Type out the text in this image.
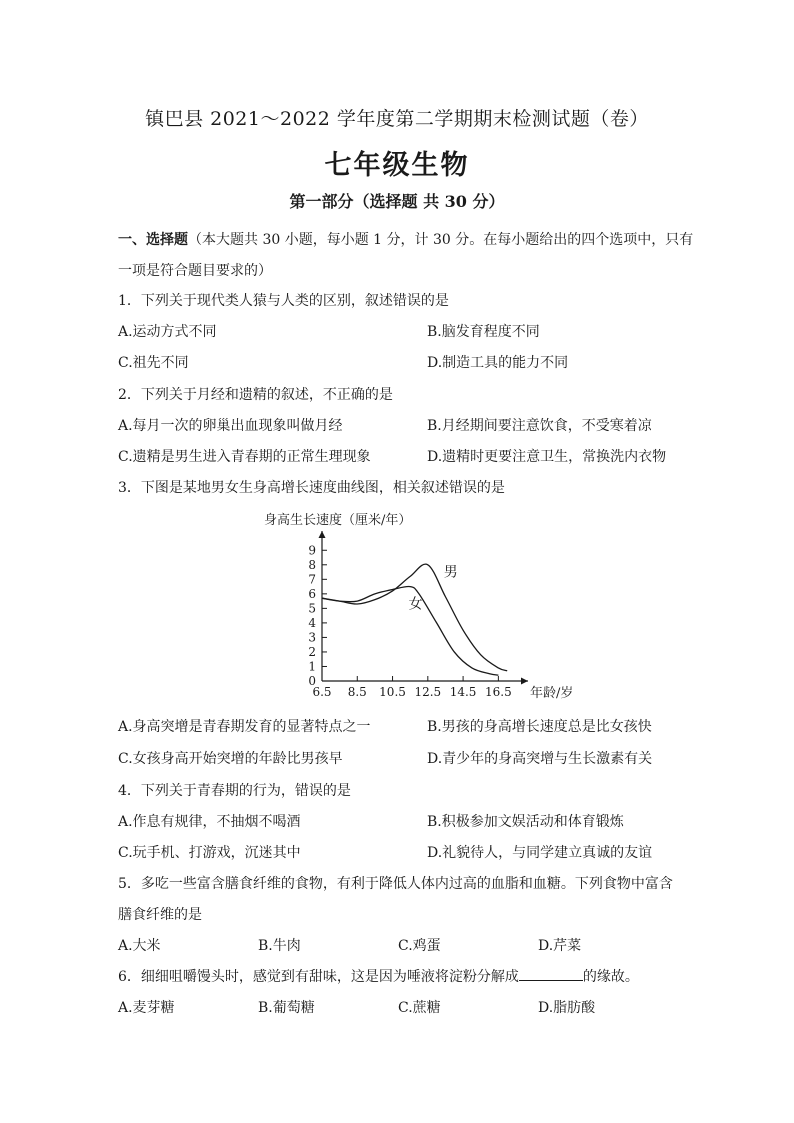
镇巴县 2021～2022 学年度第二学期期末检测试题（卷）
七年级生物
第一部分（选择题 共 30 分）
一、选择题（本大题共 30 小题，每小题 1 分，计 30 分。在每小题给出的四个选项中，只有
一项是符合题目要求的）
1．下列关于现代类人猿与人类的区别，叙述错误的是
A.运动方式不同	B.脑发育程度不同
C.祖先不同	D.制造工具的能力不同
2．下列关于月经和遗精的叙述，不正确的是
A.每月一次的卵巢出血现象叫做月经	B.月经期间要注意饮食，不受寒着凉
C.遗精是男生进入青春期的正常生理现象	D.遗精时更要注意卫生，常换洗内衣物
3．下图是某地男女生身高增长速度曲线图，相关叙述错误的是
身高生长速度（厘米/年）
0
1
2
3
4
5
6
7
8
9
6.5 8.5 10.5 12.5 14.5 16.5 年龄/岁
男
女
A.身高突增是青春期发育的显著特点之一	B.男孩的身高增长速度总是比女孩快
C.女孩身高开始突增的年龄比男孩早	D.青少年的身高突增与生长激素有关
4．下列关于青春期的行为，错误的是
A.作息有规律，不抽烟不喝酒	B.积极参加文娱活动和体育锻炼
C.玩手机、打游戏，沉迷其中	D.礼貌待人，与同学建立真诚的友谊
5．多吃一些富含膳食纤维的食物，有利于降低人体内过高的血脂和血糖。下列食物中富含
膳食纤维的是
A.大米	B.牛肉	C.鸡蛋	D.芹菜
6．细细咀嚼馒头时，感觉到有甜味，这是因为唾液将淀粉分解成	的缘故。
A.麦芽糖	B.葡萄糖	C.蔗糖	D.脂肪酸
